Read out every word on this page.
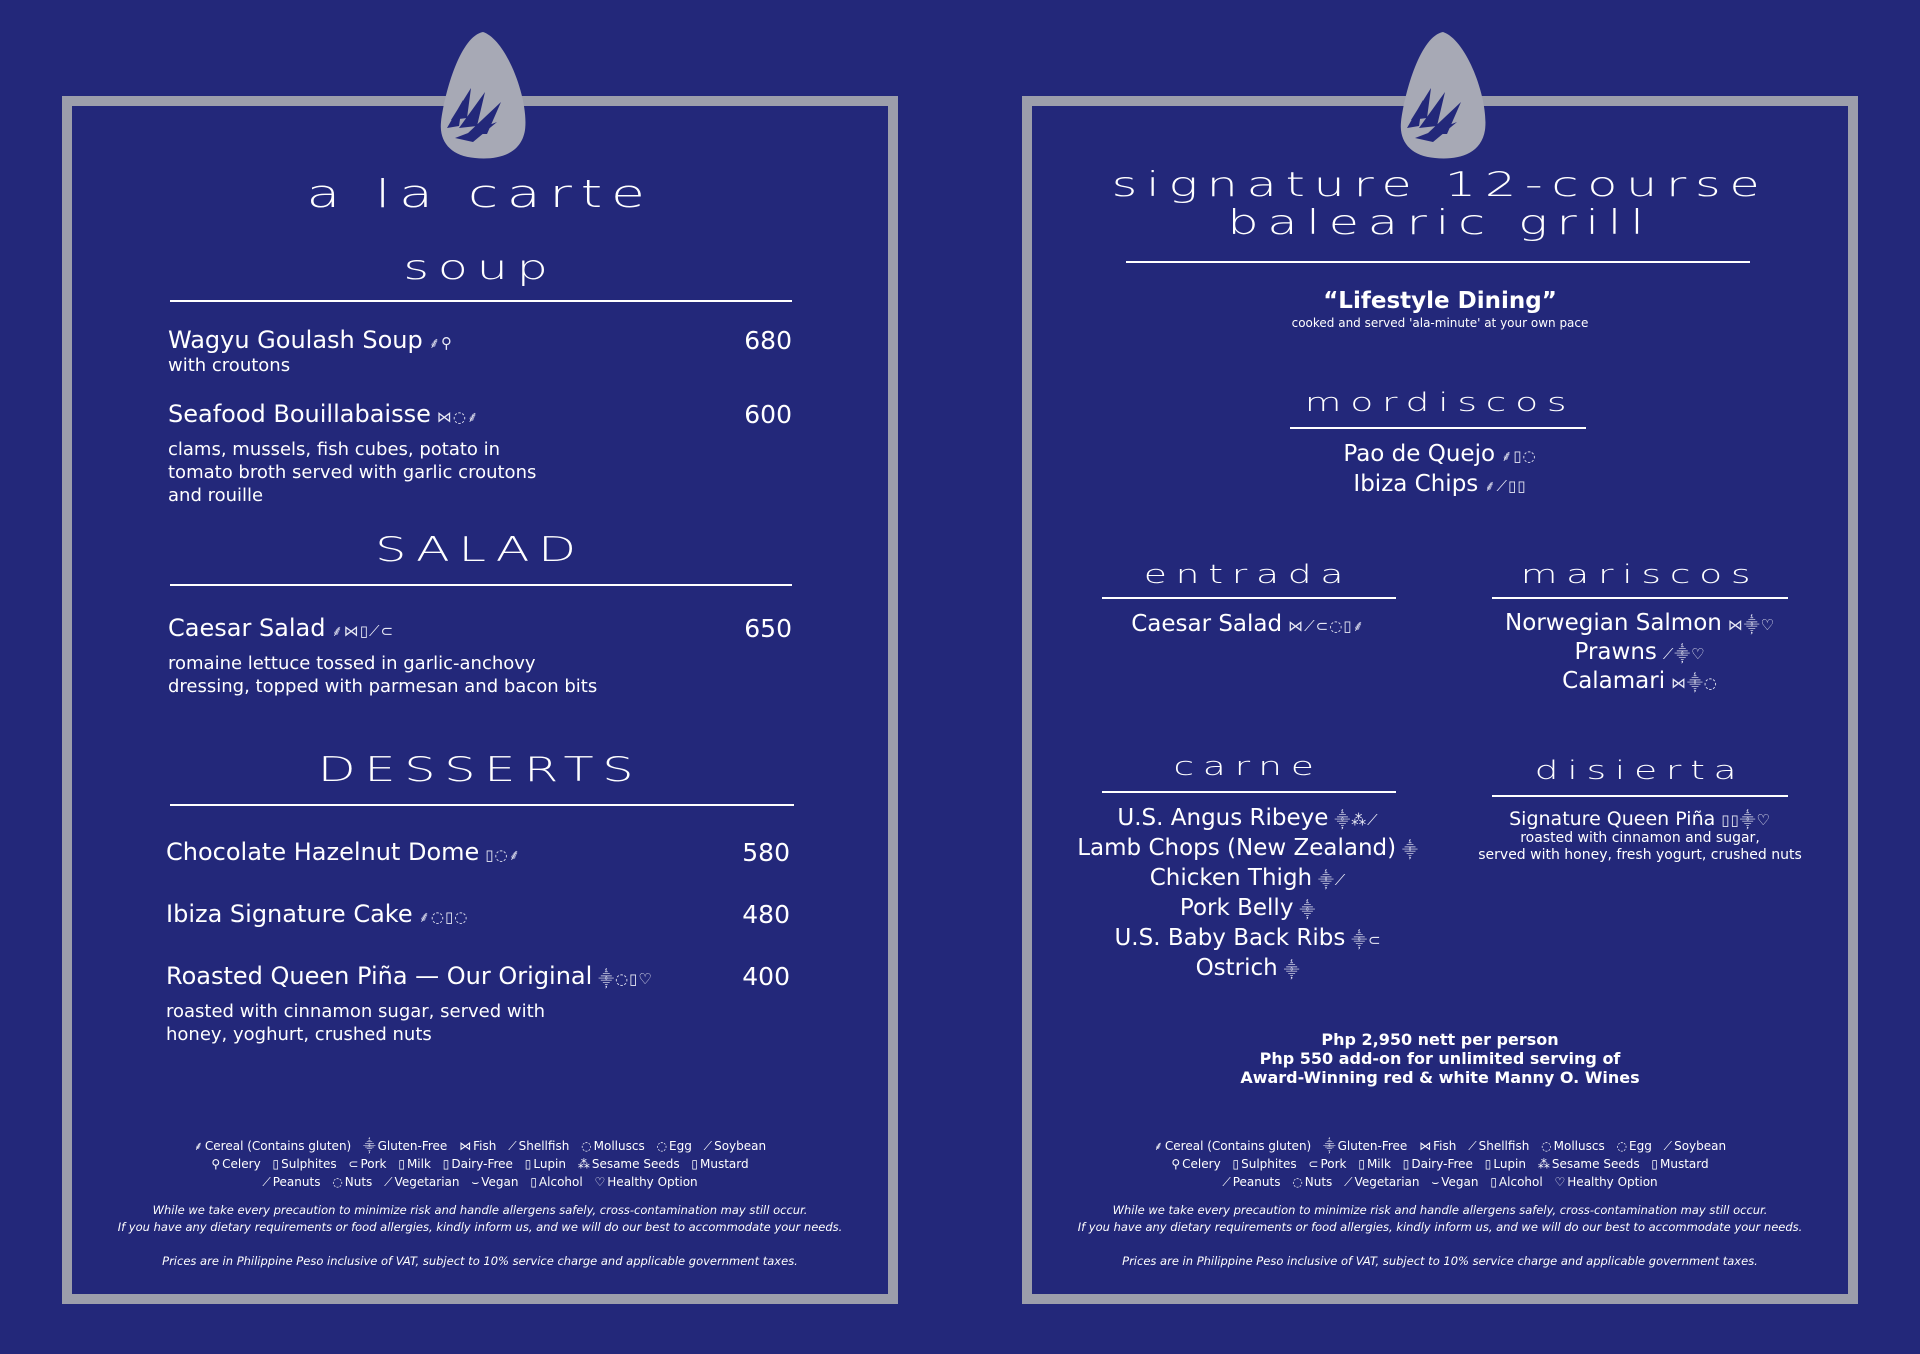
a la carte
soup
Wagyu Goulash Soup ⸙⚲	680
with croutons
Seafood Bouillabaisse ⋈◌⸙	600
clams, mussels, fish cubes, potato in tomato broth served with garlic croutons and rouille
SALAD
Caesar Salad ⸙⋈▯⟋⊂	650
romaine lettuce tossed in garlic-anchovy dressing, topped with parmesan and bacon bits
DESSERTS
Chocolate Hazelnut Dome ▯◌⸙	580
Ibiza Signature Cake ⸙◌▯◌	480
Roasted Queen Piña — Our Original ⸎◌▯♡	400
roasted with cinnamon sugar, served with honey, yoghurt, crushed nuts
⸙ Cereal (Contains gluten) ⸎ Gluten-Free ⋈ Fish ⟋ Shellfish ◌ Molluscs ◌ Egg ⟋ Soybean
⚲ Celery ▯ Sulphites ⊂ Pork ▯ Milk ▯ Dairy-Free ▯ Lupin ⁂ Sesame Seeds ▯ Mustard
⟋ Peanuts ◌ Nuts ⟋ Vegetarian ⌣ Vegan ▯ Alcohol ♡ Healthy Option
While we take every precaution to minimize risk and handle allergens safely, cross-contamination may still occur.
If you have any dietary requirements or food allergies, kindly inform us, and we will do our best to accommodate your needs.
Prices are in Philippine Peso inclusive of VAT, subject to 10% service charge and applicable government taxes.
signature 12-course
balearic grill
“Lifestyle Dining”
cooked and served 'ala-minute' at your own pace
mordiscos
Pao de Quejo ⸙▯◌
Ibiza Chips ⸙⟋▯▯
entrada
Caesar Salad ⋈⟋⊂◌▯⸙
mariscos
Norwegian Salmon ⋈⸎♡
Prawns ⟋⸎♡
Calamari ⋈⸎◌
carne
U.S. Angus Ribeye ⸎⁂⟋
Lamb Chops (New Zealand) ⸎
Chicken Thigh ⸎⟋
Pork Belly ⸎
U.S. Baby Back Ribs ⸎⊂
Ostrich ⸎
disierta
Signature Queen Piña ▯▯⸎♡
roasted with cinnamon and sugar,
served with honey, fresh yogurt, crushed nuts
Php 2,950 nett per person
Php 550 add-on for unlimited serving of
Award-Winning red & white Manny O. Wines
⸙ Cereal (Contains gluten) ⸎ Gluten-Free ⋈ Fish ⟋ Shellfish ◌ Molluscs ◌ Egg ⟋ Soybean
⚲ Celery ▯ Sulphites ⊂ Pork ▯ Milk ▯ Dairy-Free ▯ Lupin ⁂ Sesame Seeds ▯ Mustard
⟋ Peanuts ◌ Nuts ⟋ Vegetarian ⌣ Vegan ▯ Alcohol ♡ Healthy Option
While we take every precaution to minimize risk and handle allergens safely, cross-contamination may still occur.
If you have any dietary requirements or food allergies, kindly inform us, and we will do our best to accommodate your needs.
Prices are in Philippine Peso inclusive of VAT, subject to 10% service charge and applicable government taxes.
